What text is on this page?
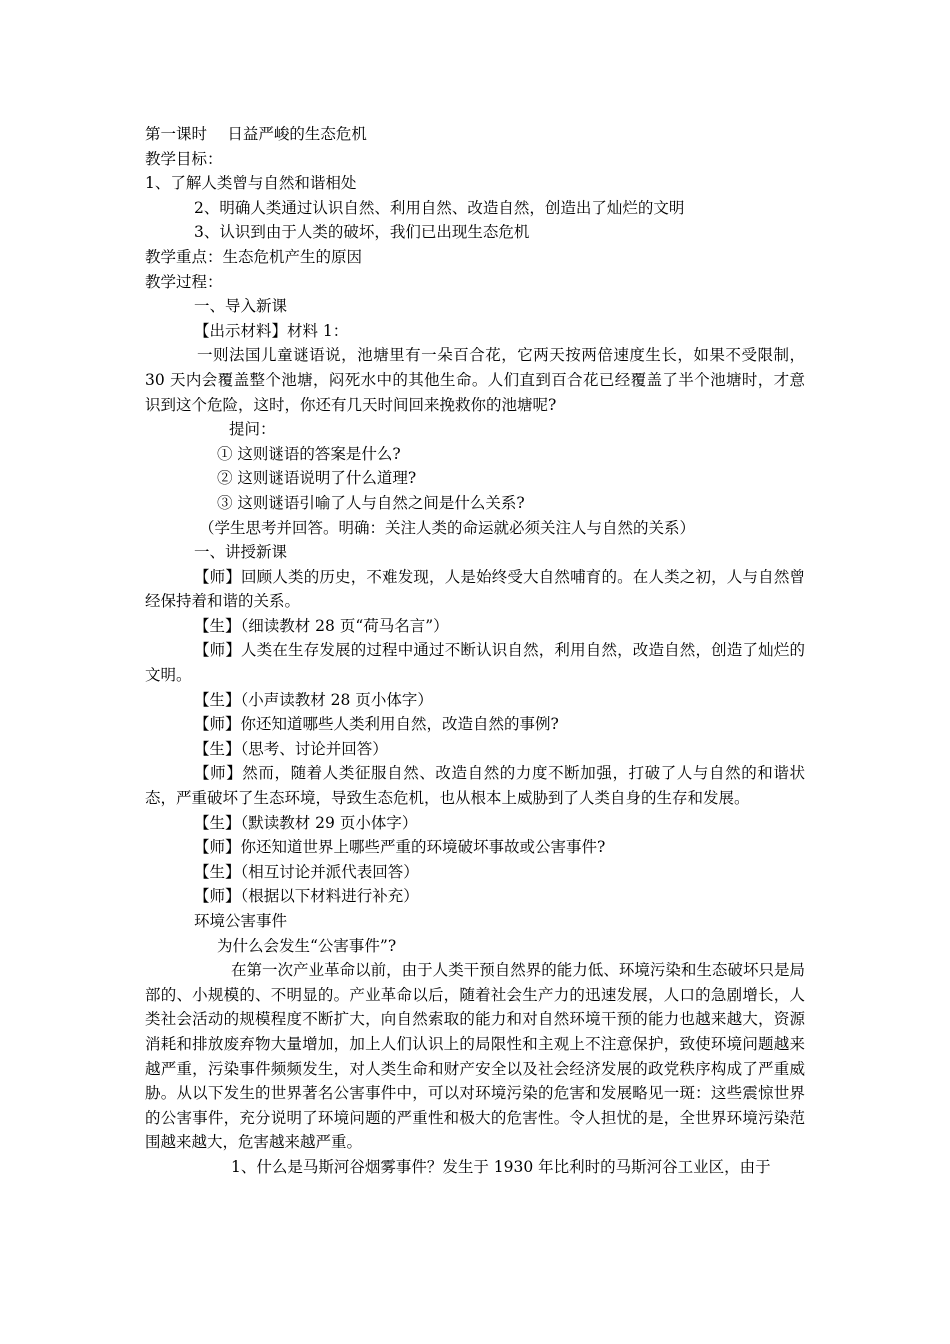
第一课时　 日益严峻的生态危机

教学目标：

1、了解人类曾与自然和谐相处

2、明确人类通过认识自然、利用自然、改造自然，创造出了灿烂的文明

3、认识到由于人类的破坏，我们已出现生态危机

教学重点：生态危机产生的原因

教学过程：

一、导入新课

【出示材料】材料 1：

一则法国儿童谜语说，池塘里有一朵百合花，它两天按两倍速度生长，如果不受限制，30 天内会覆盖整个池塘，闷死水中的其他生命。人们直到百合花已经覆盖了半个池塘时，才意识到这个危险，这时，你还有几天时间回来挽救你的池塘呢?

提问：

① 这则谜语的答案是什么?

② 这则谜语说明了什么道理?

③ 这则谜语引喻了人与自然之间是什么关系?

（学生思考并回答。明确：关注人类的命运就必须关注人与自然的关系）

一、讲授新课

【师】回顾人类的历史，不难发现，人是始终受大自然哺育的。在人类之初，人与自然曾经保持着和谐的关系。

【生】（细读教材 28 页“荷马名言”）

【师】人类在生存发展的过程中通过不断认识自然，利用自然，改造自然，创造了灿烂的文明。

【生】（小声读教材 28 页小体字）

【师】你还知道哪些人类利用自然，改造自然的事例?

【生】（思考、讨论并回答）

【师】然而，随着人类征服自然、改造自然的力度不断加强，打破了人与自然的和谐状态，严重破坏了生态环境，导致生态危机，也从根本上威胁到了人类自身的生存和发展。

【生】（默读教材 29 页小体字）

【师】你还知道世界上哪些严重的环境破坏事故或公害事件?

【生】（相互讨论并派代表回答）

【师】（根据以下材料进行补充）

环境公害事件

为什么会发生“公害事件”?

在第一次产业革命以前，由于人类干预自然界的能力低、环境污染和生态破坏只是局部的、小规模的、不明显的。产业革命以后，随着社会生产力的迅速发展，人口的急剧增长，人类社会活动的规模程度不断扩大，向自然索取的能力和对自然环境干预的能力也越来越大，资源消耗和排放废弃物大量增加，加上人们认识上的局限性和主观上不注意保护，致使环境问题越来越严重，污染事件频频发生，对人类生命和财产安全以及社会经济发展的政党秩序构成了严重威胁。从以下发生的世界著名公害事件中，可以对环境污染的危害和发展略见一斑：这些震惊世界的公害事件，充分说明了环境问题的严重性和极大的危害性。令人担忧的是，全世界环境污染范围越来越大，危害越来越严重。

1、什么是马斯河谷烟雾事件？发生于 1930 年比利时的马斯河谷工业区，由于
